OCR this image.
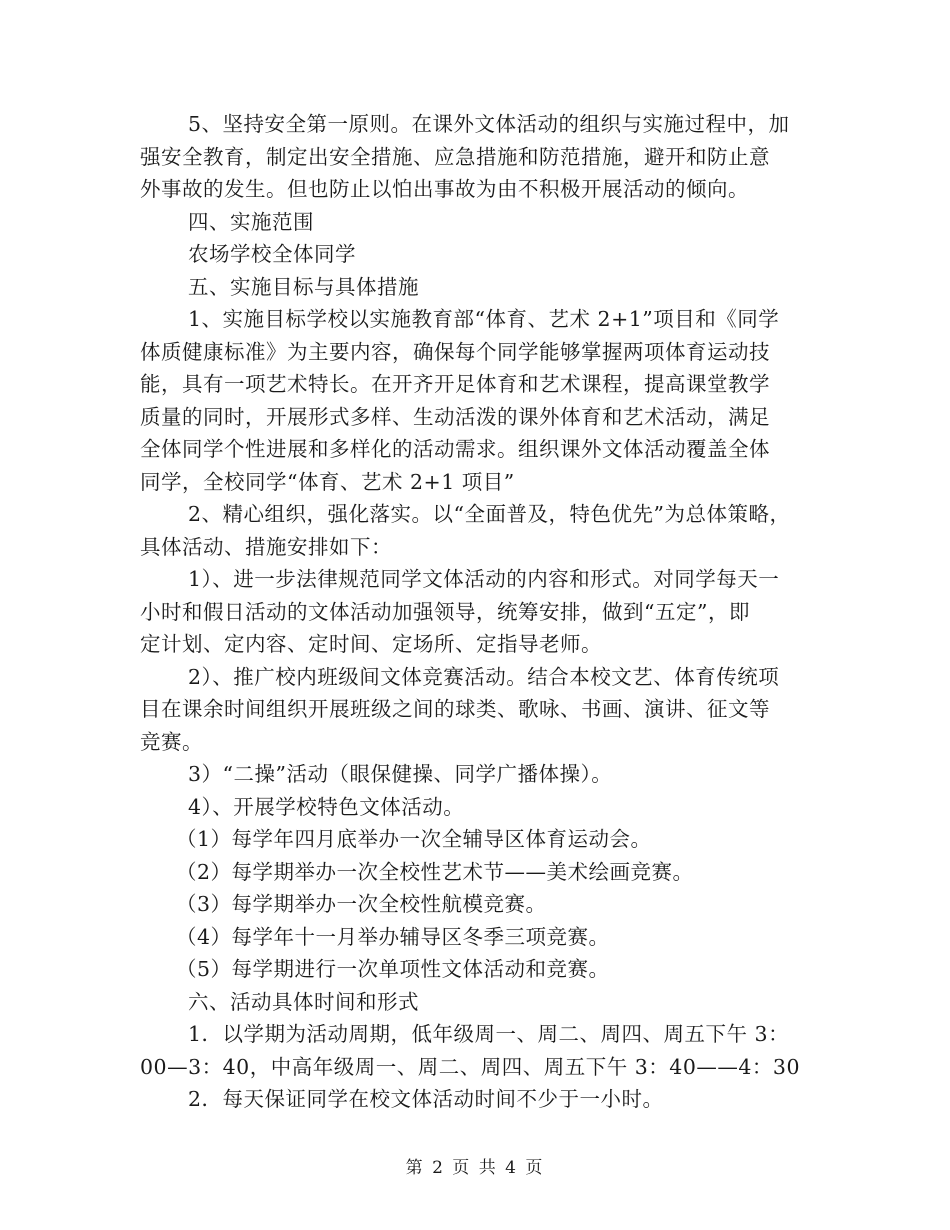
5、坚持安全第一原则。在课外文体活动的组织与实施过程中，加
强安全教育，制定出安全措施、应急措施和防范措施，避开和防止意
外事故的发生。但也防止以怕出事故为由不积极开展活动的倾向。
四、实施范围
农场学校全体同学
五、实施目标与具体措施
1、实施目标学校以实施教育部“体育、艺术 2+1”项目和《同学
体质健康标准》为主要内容，确保每个同学能够掌握两项体育运动技
能，具有一项艺术特长。在开齐开足体育和艺术课程，提高课堂教学
质量的同时，开展形式多样、生动活泼的课外体育和艺术活动，满足
全体同学个性进展和多样化的活动需求。组织课外文体活动覆盖全体
同学，全校同学“体育、艺术 2+1 项目”
2、精心组织，强化落实。以“全面普及，特色优先”为总体策略，
具体活动、措施安排如下：
1）、进一步法律规范同学文体活动的内容和形式。对同学每天一
小时和假日活动的文体活动加强领导，统筹安排，做到“五定”，即
定计划、定内容、定时间、定场所、定指导老师。
2）、推广校内班级间文体竞赛活动。结合本校文艺、体育传统项
目在课余时间组织开展班级之间的球类、歌咏、书画、演讲、征文等
竞赛。
3）“二操”活动（眼保健操、同学广播体操）。
4）、开展学校特色文体活动。
（1）每学年四月底举办一次全辅导区体育运动会。
（2）每学期举办一次全校性艺术节——美术绘画竞赛。
（3）每学期举办一次全校性航模竞赛。
（4）每学年十一月举办辅导区冬季三项竞赛。
（5）每学期进行一次单项性文体活动和竞赛。
六、活动具体时间和形式
1．以学期为活动周期，低年级周一、周二、周四、周五下午 3：
00—3：40，中高年级周一、周二、周四、周五下午 3：40——4：30
2．每天保证同学在校文体活动时间不少于一小时。
第 2 页 共 4 页
